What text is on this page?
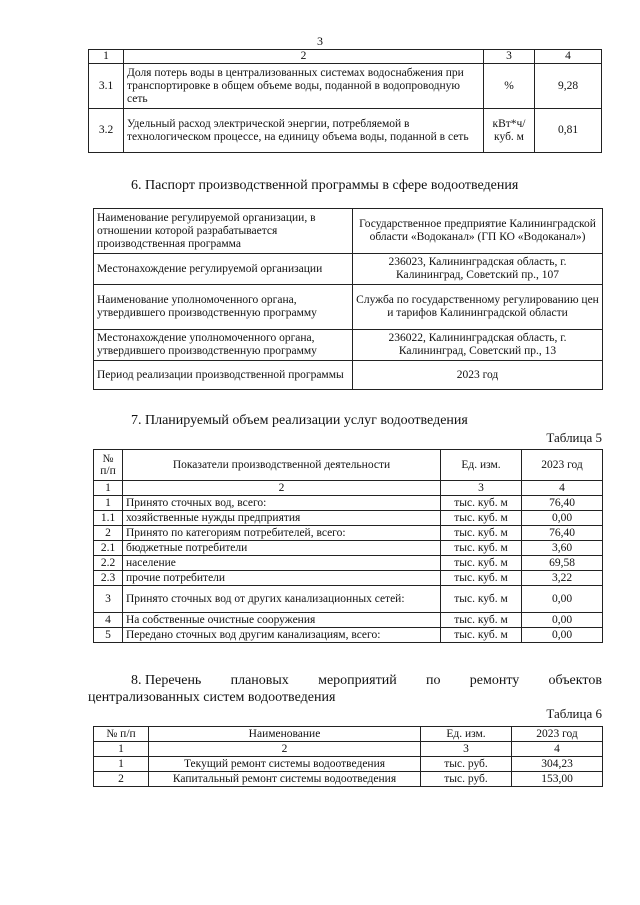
3
1	2	3	4
3.1	Доля потерь воды в централизованных системах водоснабжения при транспортировке в общем объеме воды, поданной в водопроводную сеть	%	9,28
3.2	Удельный расход электрической энергии, потребляемой в технологическом процессе, на единицу объема воды, поданной в сеть	кВт*ч/ куб. м	0,81
6. Паспорт производственной программы в сфере водоотведения
Наименование регулируемой организации, в отношении которой разрабатывается производственная программа	Государственное предприятие Калининградской области «Водоканал» (ГП КО «Водоканал»)
Местонахождение регулируемой организации	236023, Калининградская область, г. Калининград, Советский пр., 107
Наименование уполномоченного органа, утвердившего производственную программу	Служба по государственному регулированию цен и тарифов Калининградской области
Местонахождение уполномоченного органа, утвердившего производственную программу	236022, Калининградская область, г. Калининград, Советский пр., 13
Период реализации производственной программы	2023 год
7. Планируемый объем реализации услуг водоотведения
Таблица 5
№ п/п	Показатели производственной деятельности	Ед. изм.	2023 год
1	2	3	4
1	Принято сточных вод, всего:	тыс. куб. м	76,40
1.1	хозяйственные нужды предприятия	тыс. куб. м	0,00
2	Принято по категориям потребителей, всего:	тыс. куб. м	76,40
2.1	бюджетные потребители	тыс. куб. м	3,60
2.2	население	тыс. куб. м	69,58
2.3	прочие потребители	тыс. куб. м	3,22
3	Принято сточных вод от других канализационных сетей:	тыс. куб. м	0,00
4	На собственные очистные сооружения	тыс. куб. м	0,00
5	Передано сточных вод другим канализациям, всего:	тыс. куб. м	0,00
8. Перечень плановых мероприятий по ремонту объектов
централизованных систем водоотведения
Таблица 6
№ п/п	Наименование	Ед. изм.	2023 год
1	2	3	4
1	Текущий ремонт системы водоотведения	тыс. руб.	304,23
2	Капитальный ремонт системы водоотведения	тыс. руб.	153,00
